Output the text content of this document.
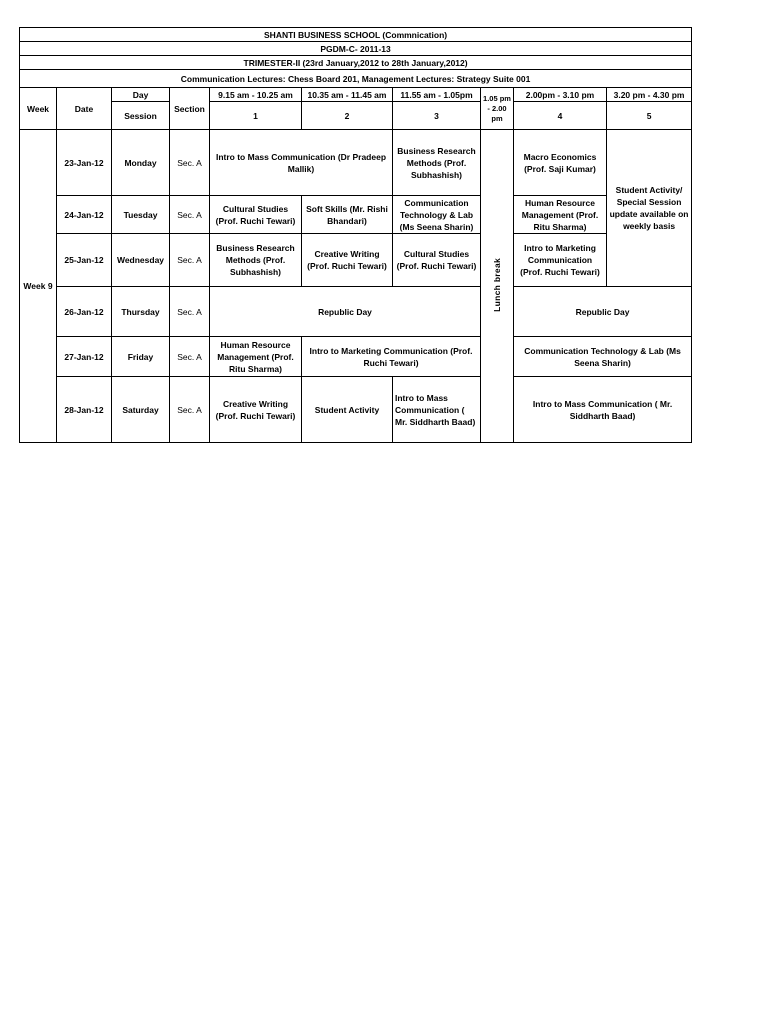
SHANTI BUSINESS SCHOOL (Commnication)									
PGDM-C- 2011-13									
TRIMESTER-II (23rd January,2012 to 28th January,2012)									
Communication Lectures: Chess Board 201, Management Lectures: Strategy Suite 001									
Week	Date	Day	Section	9.15 am - 10.25 am	10.35 am - 11.45 am	11.55 am - 1.05pm	1.05 pm - 2.00 pm	2.00pm - 3.10 pm	3.20 pm - 4.30 pm
		Session		1	2	3		4	5
Week 9	23-Jan-12	Monday	Sec. A	Intro to Mass Communication (Dr Pradeep Mallik)		Business Research Methods (Prof. Subhashish)	Lunch break	Macro Economics (Prof. Saji Kumar)	Student Activity/ Special Session update available on weekly basis
	24-Jan-12	Tuesday	Sec. A	Cultural Studies (Prof. Ruchi Tewari)	Soft Skills (Mr. Rishi Bhandari)	Communication Technology & Lab (Ms Seena Sharin)		Human Resource Management (Prof. Ritu Sharma)	
	25-Jan-12	Wednesday	Sec. A	Business Research Methods (Prof. Subhashish)	Creative Writing (Prof. Ruchi Tewari)	Cultural Studies (Prof. Ruchi Tewari)		Intro to Marketing Communication (Prof. Ruchi Tewari)	
	26-Jan-12	Thursday	Sec. A	Republic Day				Republic Day	
	27-Jan-12	Friday	Sec. A	Human Resource Management (Prof. Ritu Sharma)	Intro to Marketing Communication (Prof. Ruchi Tewari)			Communication Technology & Lab (Ms Seena Sharin)	
	28-Jan-12	Saturday	Sec. A	Creative Writing (Prof. Ruchi Tewari)	Student Activity	Intro to Mass Communication ( Mr. Siddharth Baad)		Intro to Mass Communication ( Mr. Siddharth Baad)	
